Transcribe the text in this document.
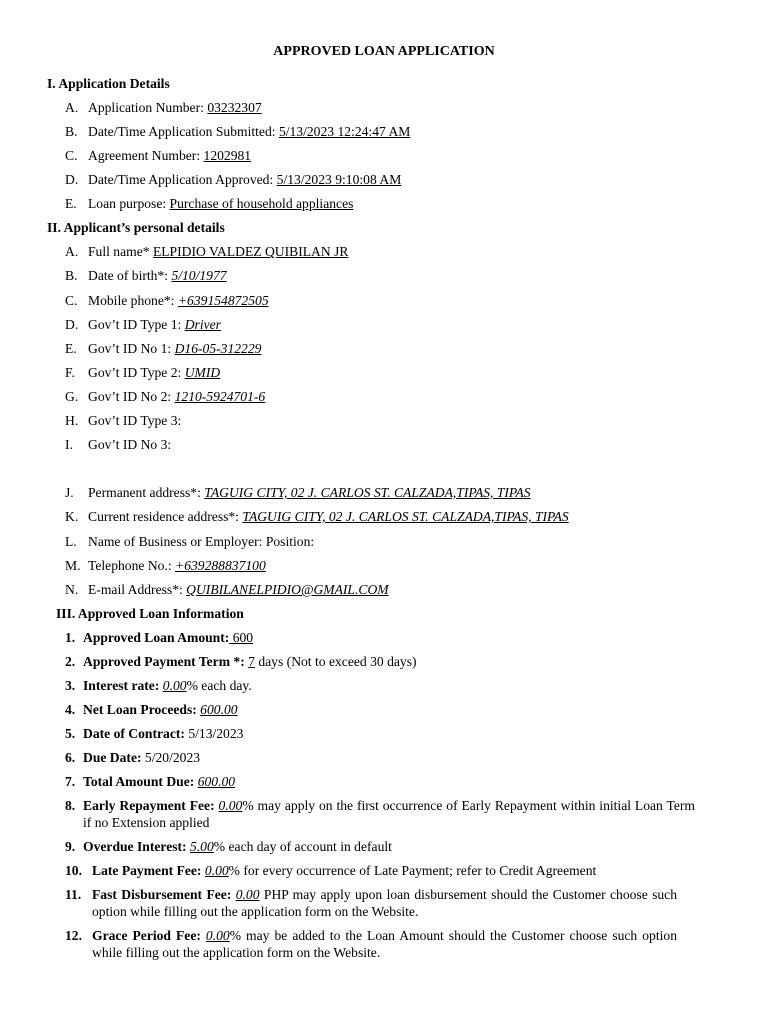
APPROVED LOAN APPLICATION
I. Application Details
A. Application Number: 03232307
B. Date/Time Application Submitted: 5/13/2023 12:24:47 AM
C. Agreement Number: 1202981
D. Date/Time Application Approved: 5/13/2023 9:10:08 AM
E. Loan purpose: Purchase of household appliances
II. Applicant’s personal details
A. Full name* ELPIDIO VALDEZ QUIBILAN JR
B. Date of birth*: 5/10/1977
C. Mobile phone*: +639154872505
D. Gov’t ID Type 1: Driver
E. Gov’t ID No 1: D16-05-312229
F. Gov’t ID Type 2: UMID
G. Gov’t ID No 2: 1210-5924701-6
H. Gov’t ID Type 3:
I. Gov’t ID No 3:
J. Permanent address*: TAGUIG CITY, 02 J. CARLOS ST. CALZADA,TIPAS, TIPAS
K. Current residence address*: TAGUIG CITY, 02 J. CARLOS ST. CALZADA,TIPAS, TIPAS
L. Name of Business or Employer: Position:
M. Telephone No.: +639288837100
N. E-mail Address*: QUIBILANELPIDIO@GMAIL.COM
III. Approved Loan Information
1. Approved Loan Amount: 600
2. Approved Payment Term *: 7 days (Not to exceed 30 days)
3. Interest rate: 0.00% each day.
4. Net Loan Proceeds: 600.00
5. Date of Contract: 5/13/2023
6. Due Date: 5/20/2023
7. Total Amount Due: 600.00
8. Early Repayment Fee: 0.00% may apply on the first occurrence of Early Repayment within initial Loan Term if no Extension applied
9. Overdue Interest: 5.00% each day of account in default
10. Late Payment Fee: 0.00% for every occurrence of Late Payment; refer to Credit Agreement
11. Fast Disbursement Fee: 0.00 PHP may apply upon loan disbursement should the Customer choose such option while filling out the application form on the Website.
12. Grace Period Fee: 0.00% may be added to the Loan Amount should the Customer choose such option while filling out the application form on the Website.
